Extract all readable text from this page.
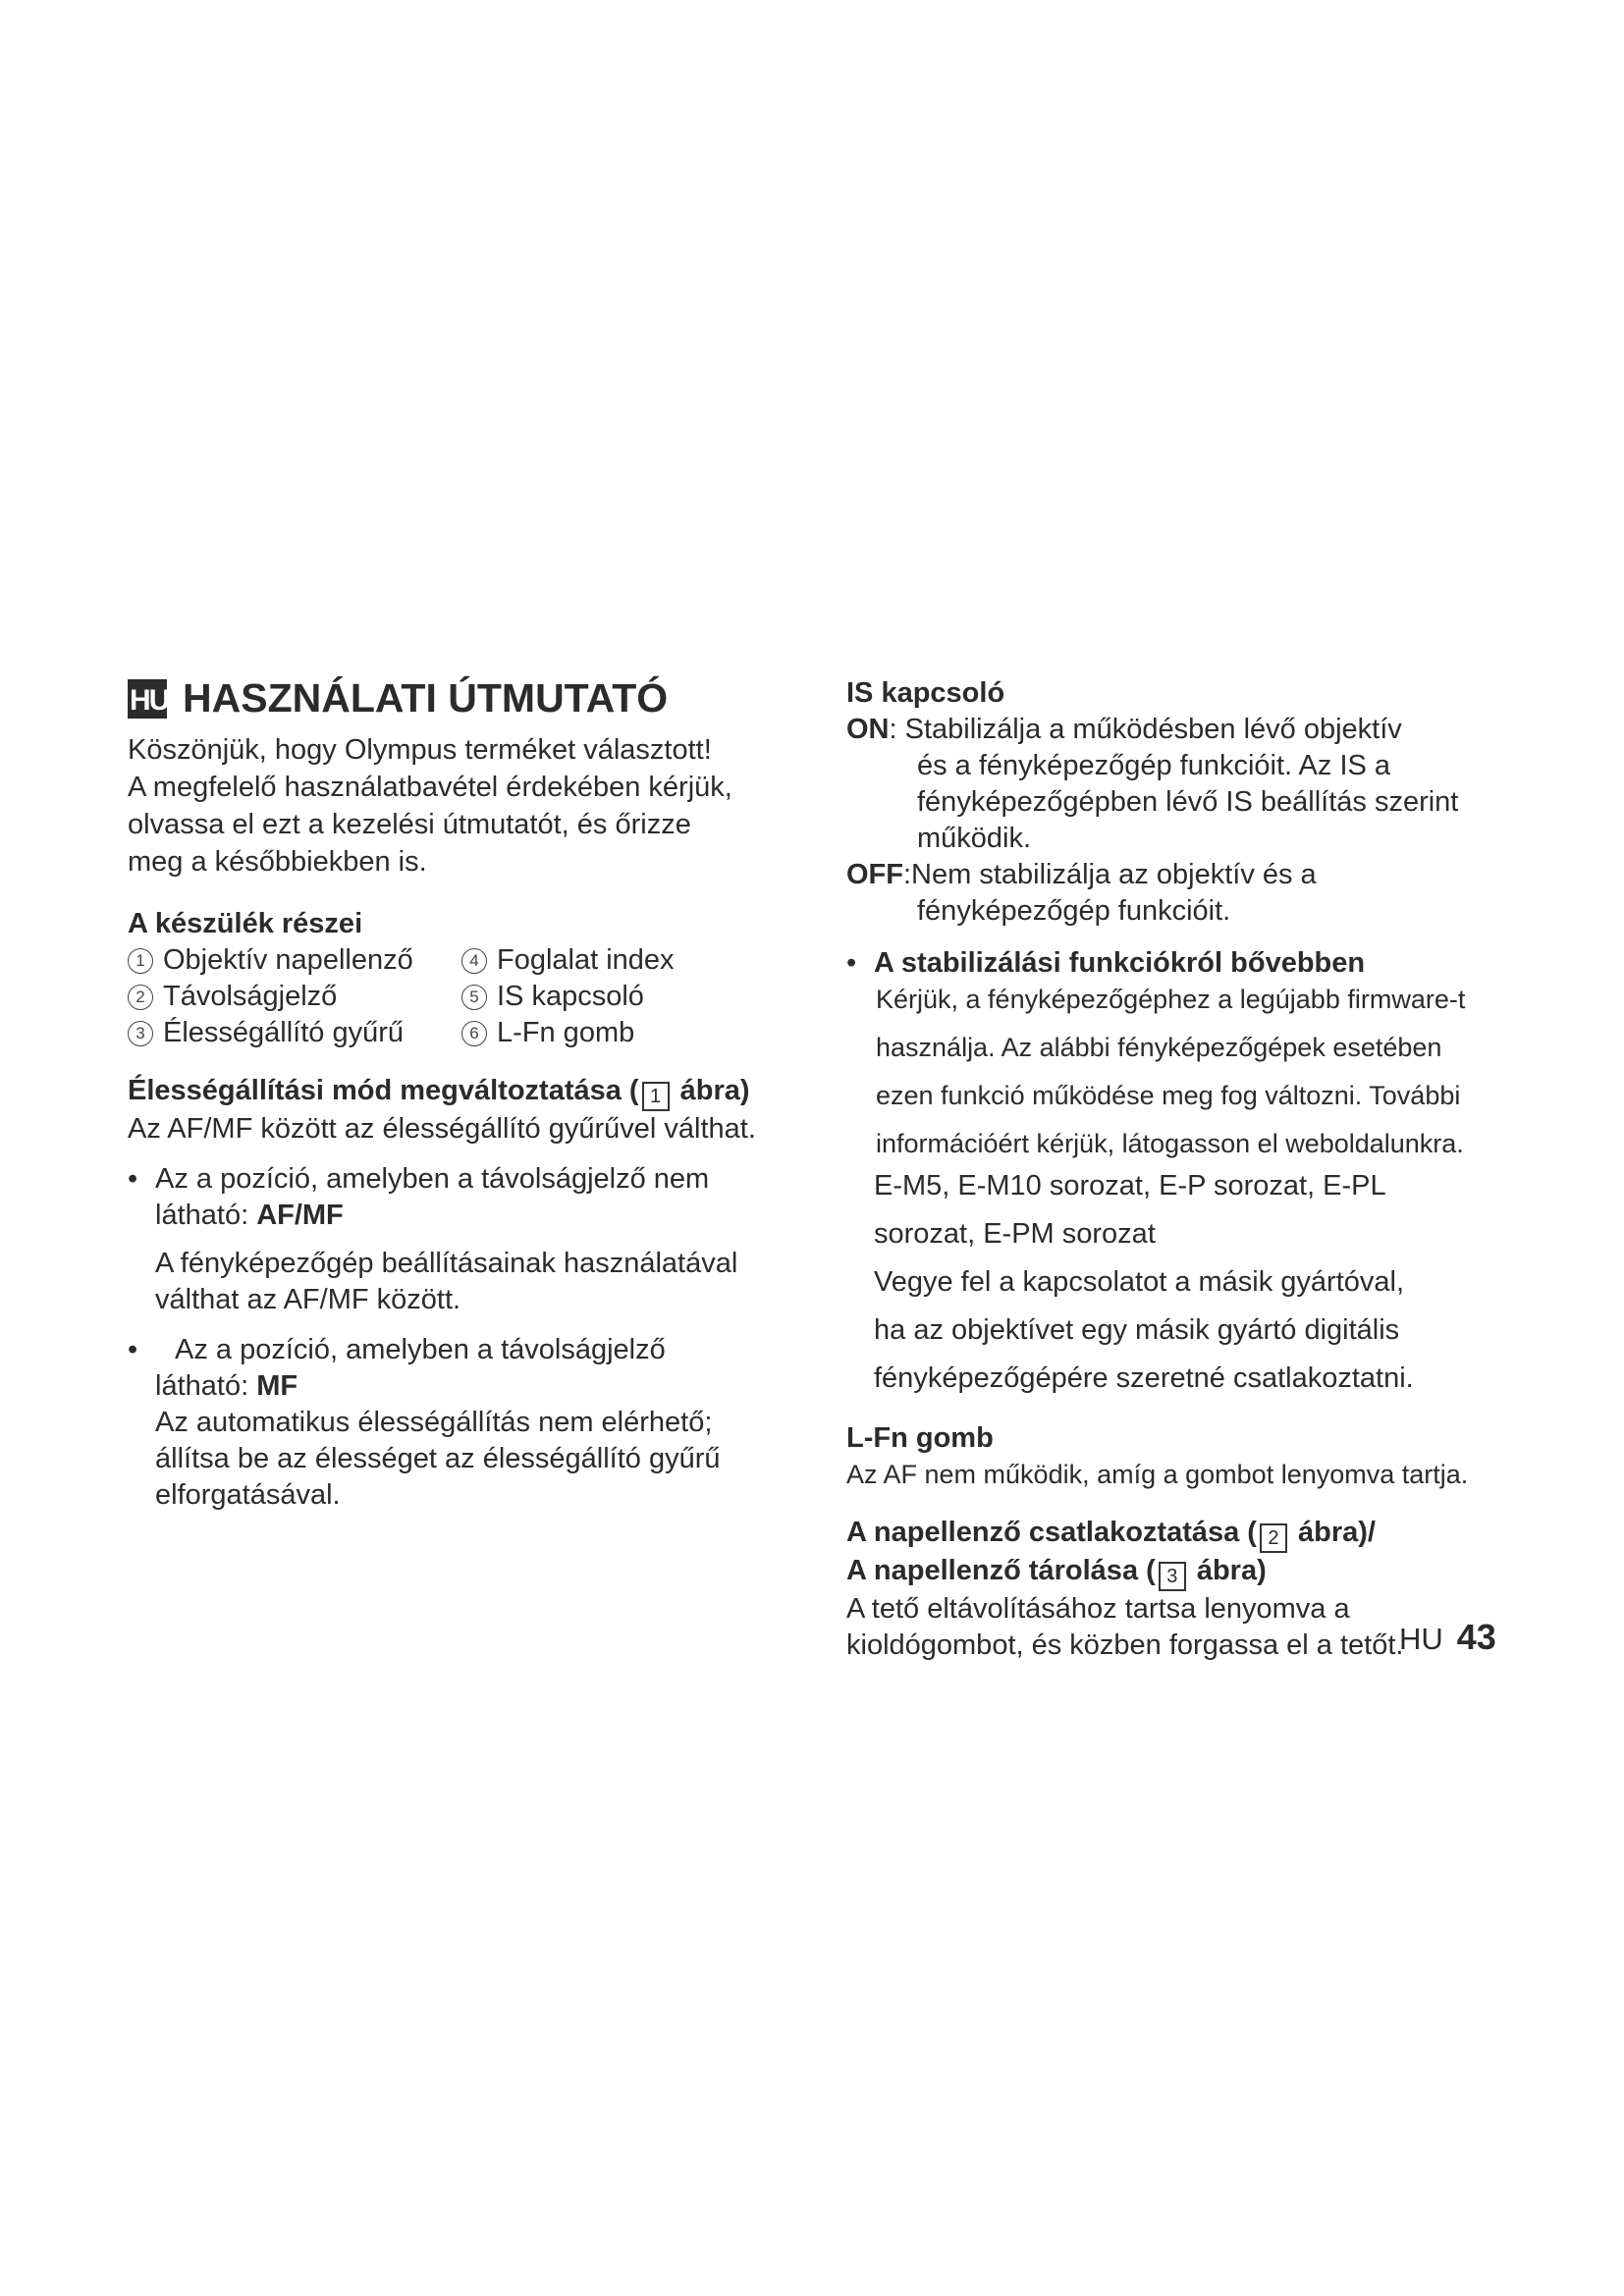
HU HASZNÁLATI ÚTMUTATÓ

Köszönjük, hogy Olympus terméket választott!

A megfelelő használatbavétel érdekében kérjük,

olvassa el ezt a kezelési útmutatót, és őrizze

meg a későbbiekben is.

A készülék részei
1 Objektív napellenző	4 Foglalat index
2 Távolságjelző	5 IS kapcsoló
3 Élességállító gyűrű	6 L-Fn gomb
Élességállítási mód megváltoztatása ( 1 ábra)

Az AF/MF között az élességállító gyűrűvel válthat.

• Az a pozíció, amelyben a távolságjelző nem

látható: AF/MF

A fényképezőgép beállításainak használatával
válthat az AF/MF között.

•	Az a pozíció, amelyben a távolságjelző

látható: MF

Az automatikus élességállítás nem elérhető;
állítsa be az élességet az élességállító gyűrű
elforgatásával.

IS kapcsoló

ON: Stabilizálja a működésben lévő objektív

és a fényképezőgép funkcióit. Az IS a

fényképezőgépben lévő IS beállítás szerint

működik.

OFF:Nem stabilizálja az objektív és a

fényképezőgép funkcióit.

• A stabilizálási funkciókról bővebben

Kérjük, a fényképezőgéphez a legújabb firmware-t

használja. Az alábbi fényképezőgépek esetében

ezen funkció működése meg fog változni. További

információért kérjük, látogasson el weboldalunkra.

E-M5, E-M10 sorozat, E-P sorozat, E-PL

sorozat, E-PM sorozat

Vegye fel a kapcsolatot a másik gyártóval,

ha az objektívet egy másik gyártó digitális

fényképezőgépére szeretné csatlakoztatni.

L-Fn gomb

Az AF nem működik, amíg a gombot lenyomva tartja.

A napellenző csatlakoztatása ( 2 ábra)/
A napellenző tárolása ( 3 ábra)

A tető eltávolításához tartsa lenyomva a

kioldógombot, és közben forgassa el a tetőt.

HU 43
